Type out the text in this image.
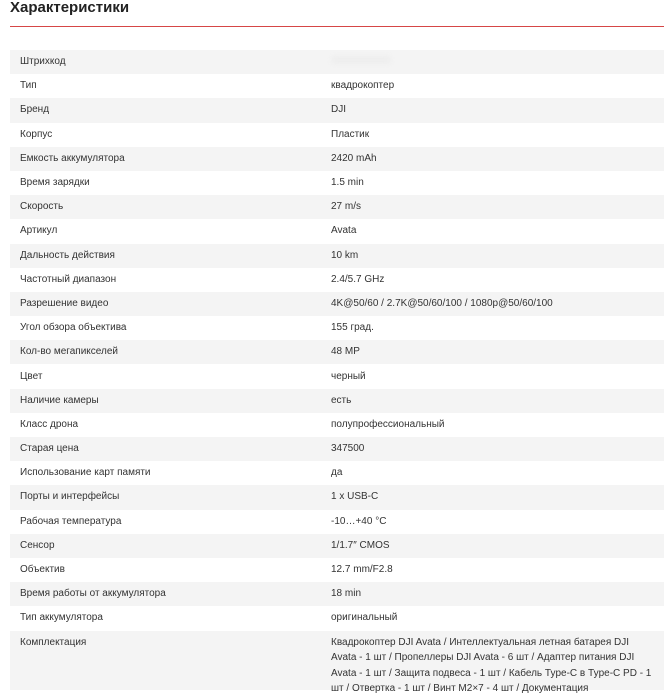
Характеристики
Штрихкод
Тип	квадрокоптер
Бренд	DJI
Корпус	Пластик
Емкость аккумулятора	2420 mAh
Время зарядки	1.5 min
Скорость	27 m/s
Артикул	Avata
Дальность действия	10 km
Частотный диапазон	2.4/5.7 GHz
Разрешение видео	4K@50/60 / 2.7K@50/60/100 / 1080p@50/60/100
Угол обзора объектива	155 град.
Кол-во мегапикселей	48 MP
Цвет	черный
Наличие камеры	есть
Класс дрона	полупрофессиональный
Старая цена	347500
Использование карт памяти	да
Порты и интерфейсы	1 x USB-C
Рабочая температура	-10…+40 °C
Сенсор	1/1.7″ CMOS
Объектив	12.7 mm/F2.8
Время работы от аккумулятора	18 min
Тип аккумулятора	оригинальный
Комплектация	Квадрокоптер DJI Avata / Интеллектуальная летная батарея DJI Avata - 1 шт / Пропеллеры DJI Avata - 6 шт / Адаптер питания DJI Avata - 1 шт / Защита подвеса - 1 шт / Кабель Type-C в Type-C PD - 1 шт / Отвертка - 1 шт / Винт M2×7 - 4 шт / Документация
